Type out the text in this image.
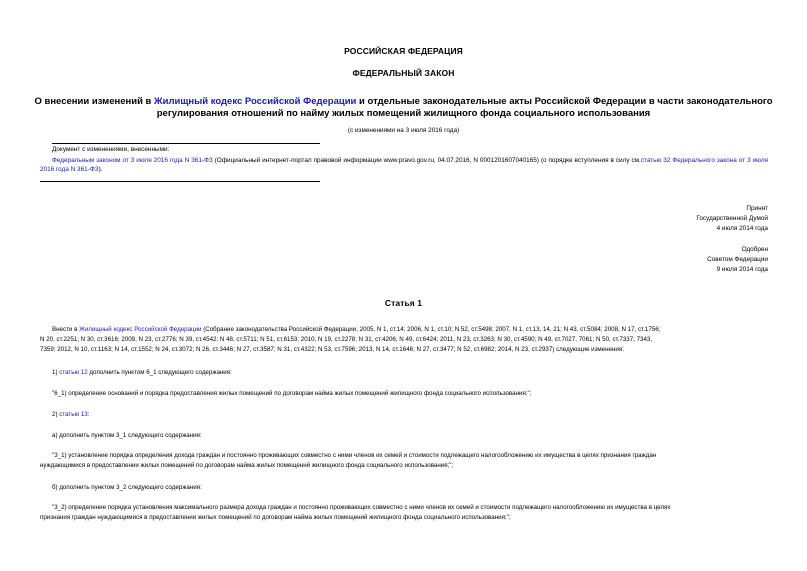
РОССИЙСКАЯ ФЕДЕРАЦИЯ
ФЕДЕРАЛЬНЫЙ ЗАКОН
О внесении изменений в Жилищный кодекс Российской Федерации и отдельные законодательные акты Российской Федерации в части законодательного
регулирования отношений по найму жилых помещений жилищного фонда социального использования
(с изменениями на 3 июля 2016 года)
Документ с изменениями, внесенными:
Федеральным законом от 3 июля 2016 года N 361-ФЗ (Официальный интернет-портал правовой информации www.pravo.gov.ru, 04.07.2016, N 0001201607040165) (о порядке вступления в силу см.статью 32 Федерального закона от 3 июля 2016 года N 361-ФЗ).
Принят
Государственной Думой
4 июля 2014 года
Одобрен
Советом Федерации
9 июля 2014 года
Статья 1
Внести в Жилищный кодекс Российской Федерации (Собрание законодательства Российской Федерации, 2005, N 1, ст.14; 2006, N 1, ст.10; N 52, ст.5498; 2007, N 1, ст.13, 14, 21; N 43, ст.5084; 2008, N 17, ст.1756;
N 20, ст.2251; N 30, ст.3616; 2009, N 23, ст.2776; N 39, ст.4542; N 48, ст.5711; N 51, ст.6153; 2010, N 19, ст.2278; N 31, ст.4206; N 49, ст.6424; 2011, N 23, ст.3263; N 30, ст.4590; N 49, ст.7027, 7061; N 50, ст.7337, 7343,
7359; 2012, N 10, ст.1163; N 14, ст.1552; N 24, ст.3072; N 26, ст.3446; N 27, ст.3587; N 31, ст.4322; N 53, ст.7596; 2013, N 14, ст.1646; N 27, ст.3477; N 52, ст.6982; 2014, N 23, ст.2937) следующие изменения:
1) статью 12 дополнить пунктом 6_1 следующего содержания:
"6_1) определение оснований и порядка предоставления жилых помещений по договорам найма жилых помещений жилищного фонда социального использования;";
2) статью 13:
а) дополнить пунктом 3_1 следующего содержания:
"3_1) установление порядка определения дохода граждан и постоянно проживающих совместно с ними членов их семей и стоимости подлежащего налогообложению их имущества в целях признания граждан
нуждающимися в предоставлении жилых помещений по договорам найма жилых помещений жилищного фонда социального использования;";
б) дополнить пунктом 3_2 следующего содержания:
"3_2) определение порядка установления максимального размера дохода граждан и постоянно проживающих совместно с ними членов их семей и стоимости подлежащего налогообложению их имущества в целях
признания граждан нуждающимися в предоставлении жилых помещений по договорам найма жилых помещений жилищного фонда социального использования;";
